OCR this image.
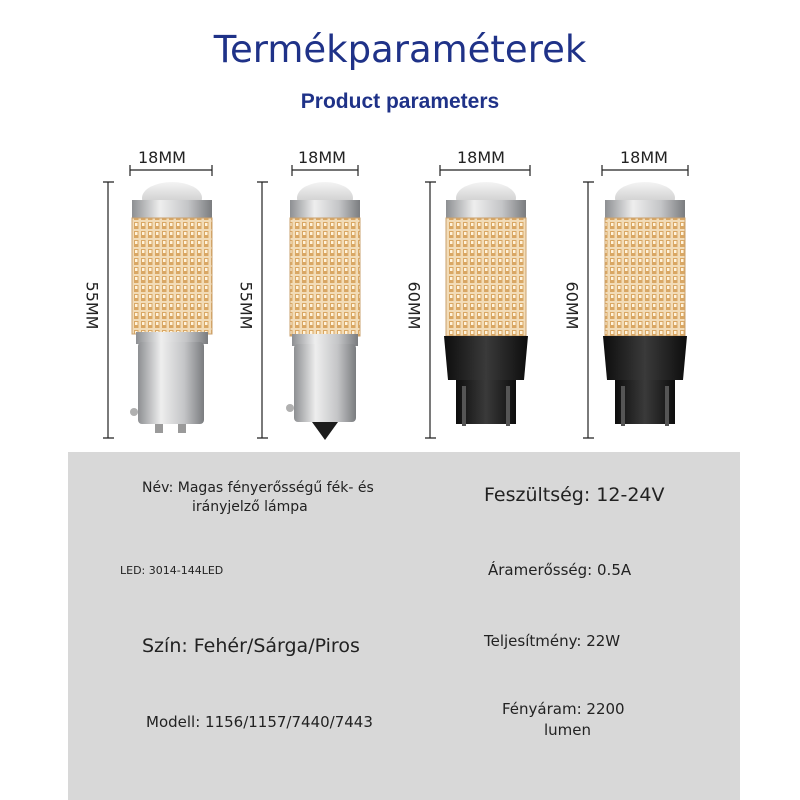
Termékparaméterek
Product parameters
18MM	18MM	18MM	18MM
55MM	55MM	60MM	60MM
Név: Magas fényerősségű fék- és
irányjelző lámpa
Feszültség: 12-24V
LED: 3014-144LED	Áramerősség: 0.5A
Szín: Fehér/Sárga/Piros	Teljesítmény: 22W
Modell: 1156/1157/7440/7443
Fényáram: 2200
lumen
